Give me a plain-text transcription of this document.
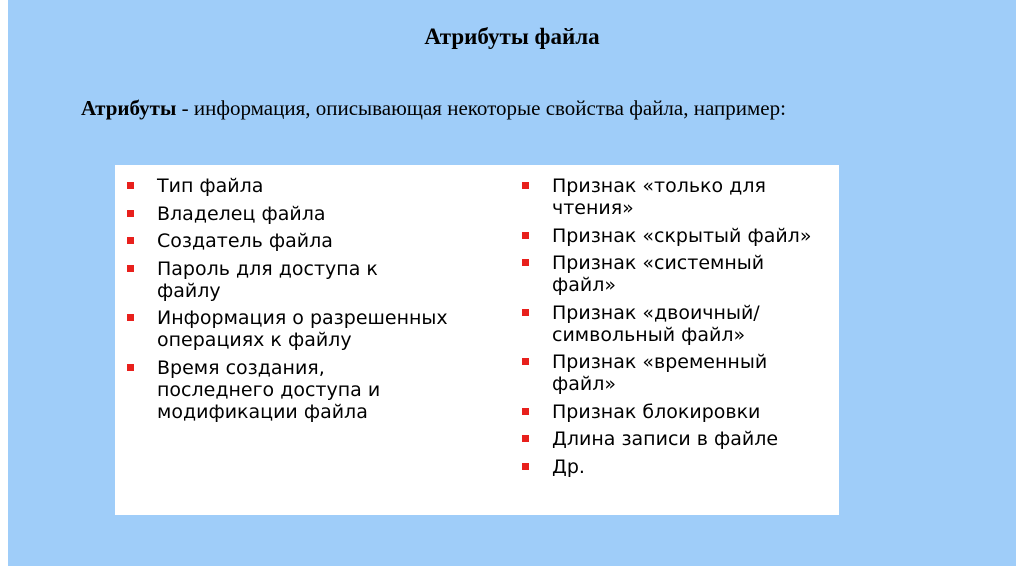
Атрибуты файла
Атрибуты - информация, описывающая некоторые свойства файла, например:
Тип файла
Владелец файла
Создатель файла
Пароль для доступа к файлу
Информация о разрешенных операциях к файлу
Время создания, последнего доступа и модификации файла
Признак «только для чтения»
Признак «скрытый файл»
Признак «системный файл»
Признак «двоичный/ символьный файл»
Признак «временный файл»
Признак блокировки
Длина записи в файле
Др.
